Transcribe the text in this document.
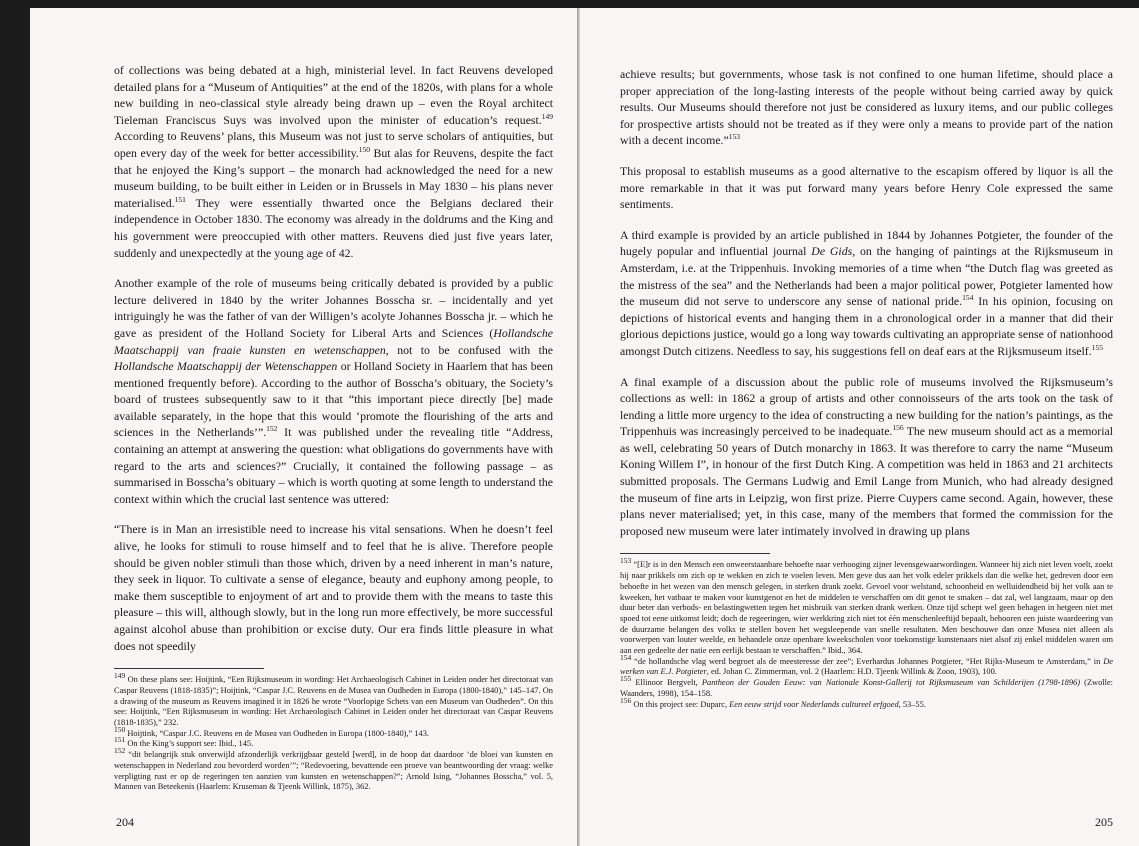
of collections was being debated at a high, ministerial level. In fact Reuvens developed detailed plans for a “Museum of Antiquities” at the end of the 1820s, with plans for a whole new building in neo-classical style already being drawn up – even the Royal architect Tieleman Franciscus Suys was involved upon the minister of education’s request.$^{149}$ According to Reuvens’ plans, this Museum was not just to serve scholars of antiquities, but open every day of the week for better accessibility.$^{150}$ But alas for Reuvens, despite the fact that he enjoyed the King’s support – the monarch had acknowledged the need for a new museum building, to be built either in Leiden or in Brussels in May 1830 – his plans never materialised.$^{151}$ They were essentially thwarted once the Belgians declared their independence in October 1830. The economy was already in the doldrums and the King and his government were preoccupied with other matters. Reuvens died just five years later, suddenly and unexpectedly at the young age of 42.

Another example of the role of museums being critically debated is provided by a public lecture delivered in 1840 by the writer Johannes Bosscha sr. – incidentally and yet intriguingly he was the father of van der Willigen’s acolyte Johannes Bosscha jr. – which he gave as president of the Holland Society for Liberal Arts and Sciences (Hollandsche Maatschappij van fraaie kunsten en wetenschappen, not to be confused with the Hollandsche Maatschappij der Wetenschappen or Holland Society in Haarlem that has been mentioned frequently before). According to the author of Bosscha’s obituary, the Society’s board of trustees subsequently saw to it that “this important piece directly [be] made available separately, in the hope that this would ‘promote the flourishing of the arts and sciences in the Netherlands’”.$^{152}$ It was published under the revealing title “Address, containing an attempt at answering the question: what obligations do governments have with regard to the arts and sciences?” Crucially, it contained the following passage – as summarised in Bosscha’s obituary – which is worth quoting at some length to understand the context within which the crucial last sentence was uttered:

“There is in Man an irresistible need to increase his vital sensations. When he doesn’t feel alive, he looks for stimuli to rouse himself and to feel that he is alive. Therefore people should be given nobler stimuli than those which, driven by a need inherent in man’s nature, they seek in liquor. To cultivate a sense of elegance, beauty and euphony among people, to make them susceptible to enjoyment of art and to provide them with the means to taste this pleasure – this will, although slowly, but in the long run more effectively, be more successful against alcohol abuse than prohibition or excise duty. Our era finds little pleasure in what does not speedily

$^{149}$ On these plans see: Hoijtink, “Een Rijksmuseum in wording: Het Archaeologisch Cabinet in Leiden onder het directoraat van Caspar Reuvens (1818-1835)”; Hoijtink, “Caspar J.C. Reuvens en de Musea van Oudheden in Europa (1800-1840),” 145–147. On a drawing of the museum as Reuvens imagined it in 1826 he wrote “Voorlopige Schets van een Museum van Oudheden”. On this see: Hoijtink, “Een Rijksmuseum in wording: Het Archaeologisch Cabinet in Leiden onder het directoraat van Caspar Reuvens (1818-1835),” 232.

$^{150}$ Hoijtink, “Caspar J.C. Reuvens en de Musea van Oudheden in Europa (1800-1840),” 143.

$^{151}$ On the King’s support see: Ibid., 145.

$^{152}$ “dit belangrijk stuk onverwijld afzonderlijk verkrijgbaar gesteld [werd], in de hoop dat daardoor ‘de bloei van kunsten en wetenschappen in Nederland zou bevorderd worden’”; “Redevoering, bevattende een proeve van beantwoording der vraag: welke verpligting rust er op de regeringen ten aanzien van kunsten en wetenschappen?”; Arnold Ising, “Johannes Bosscha,” vol. 5, Mannen van Beteekenis (Haarlem: Kruseman & Tjeenk Willink, 1875), 362.

204

achieve results; but governments, whose task is not confined to one human lifetime, should place a proper appreciation of the long-lasting interests of the people without being carried away by quick results. Our Museums should therefore not just be considered as luxury items, and our public colleges for prospective artists should not be treated as if they were only a means to provide part of the nation with a decent income.”$^{153}$

This proposal to establish museums as a good alternative to the escapism offered by liquor is all the more remarkable in that it was put forward many years before Henry Cole expressed the same sentiments.

A third example is provided by an article published in 1844 by Johannes Potgieter, the founder of the hugely popular and influential journal De Gids, on the hanging of paintings at the Rijksmuseum in Amsterdam, i.e. at the Trippenhuis. Invoking memories of a time when “the Dutch flag was greeted as the mistress of the sea” and the Netherlands had been a major political power, Potgieter lamented how the museum did not serve to underscore any sense of national pride.$^{154}$ In his opinion, focusing on depictions of historical events and hanging them in a chronological order in a manner that did their glorious depictions justice, would go a long way towards cultivating an appropriate sense of nationhood amongst Dutch citizens. Needless to say, his suggestions fell on deaf ears at the Rijksmuseum itself.$^{155}$

A final example of a discussion about the public role of museums involved the Rijksmuseum’s collections as well: in 1862 a group of artists and other connoisseurs of the arts took on the task of lending a little more urgency to the idea of constructing a new building for the nation’s paintings, as the Trippenhuis was increasingly perceived to be inadequate.$^{156}$ The new museum should act as a memorial as well, celebrating 50 years of Dutch monarchy in 1863. It was therefore to carry the name “Museum Koning Willem I”, in honour of the first Dutch King. A competition was held in 1863 and 21 architects submitted proposals. The Germans Ludwig and Emil Lange from Munich, who had already designed the museum of fine arts in Leipzig, won first prize. Pierre Cuypers came second. Again, however, these plans never materialised; yet, in this case, many of the members that formed the commission for the proposed new museum were later intimately involved in drawing up plans

$^{153}$ “[E]r is in den Mensch een onweerstaanbare behoefte naar verhooging zijner levensgewaarwordingen. Wanneer hij zich niet leven voelt, zoekt hij naar prikkels om zich op te wekken en zich te voelen leven. Men geve dus aan het volk edeler prikkels dan die welke het, gedreven door een behoefte in het wezen van den mensch gelegen, in sterken drank zoekt. Gevoel voor welstand, schoonheid en welluidendheid bij het volk aan te kweeken, het vatbaar te maken voor kunstgenot en het de middelen te verschaffen om dit genot te smaken – dat zal, wel langzaam, maar op den duur beter dan verbods- en belastingwetten tegen het misbruik van sterken drank werken. Onze tijd schept wel geen behagen in hetgeen niet met spoed tot eene uitkomst leidt; doch de regeeringen, wier werkkring zich niet tot één menschenleeftijd bepaalt, behooren een juiste waardeering van de duurzame belangen des volks te stellen boven het wegsleepende van snelle resultaten. Men beschouwe dan onze Musea niet alleen als voorwerpen van louter weelde, en behandele onze openbare kweekscholen voor toekomstige kunstenaars niet alsof zij enkel middelen waren om aan een gedeelte der natie een eerlijk bestaan te verschaffen.” Ibid., 364.

$^{154}$ “de hollandsche vlag werd begroet als de meesteresse der zee”; Everhardus Johannes Potgieter, “Het Rijks-Museum te Amsterdam,” in De werken van E.J. Potgieter, ed. Johan C. Zimmerman, vol. 2 (Haarlem: H.D. Tjeenk Willink & Zoon, 1903), 100.

$^{155}$ Ellinoor Bergvelt, Pantheon der Gouden Eeuw: van Nationale Konst-Gallerij tot Rijksmuseum van Schilderijen (1798-1896) (Zwolle: Waanders, 1998), 154–158.

$^{156}$ On this project see: Duparc, Een eeuw strijd voor Nederlands cultureel erfgoed, 53–55.

205
